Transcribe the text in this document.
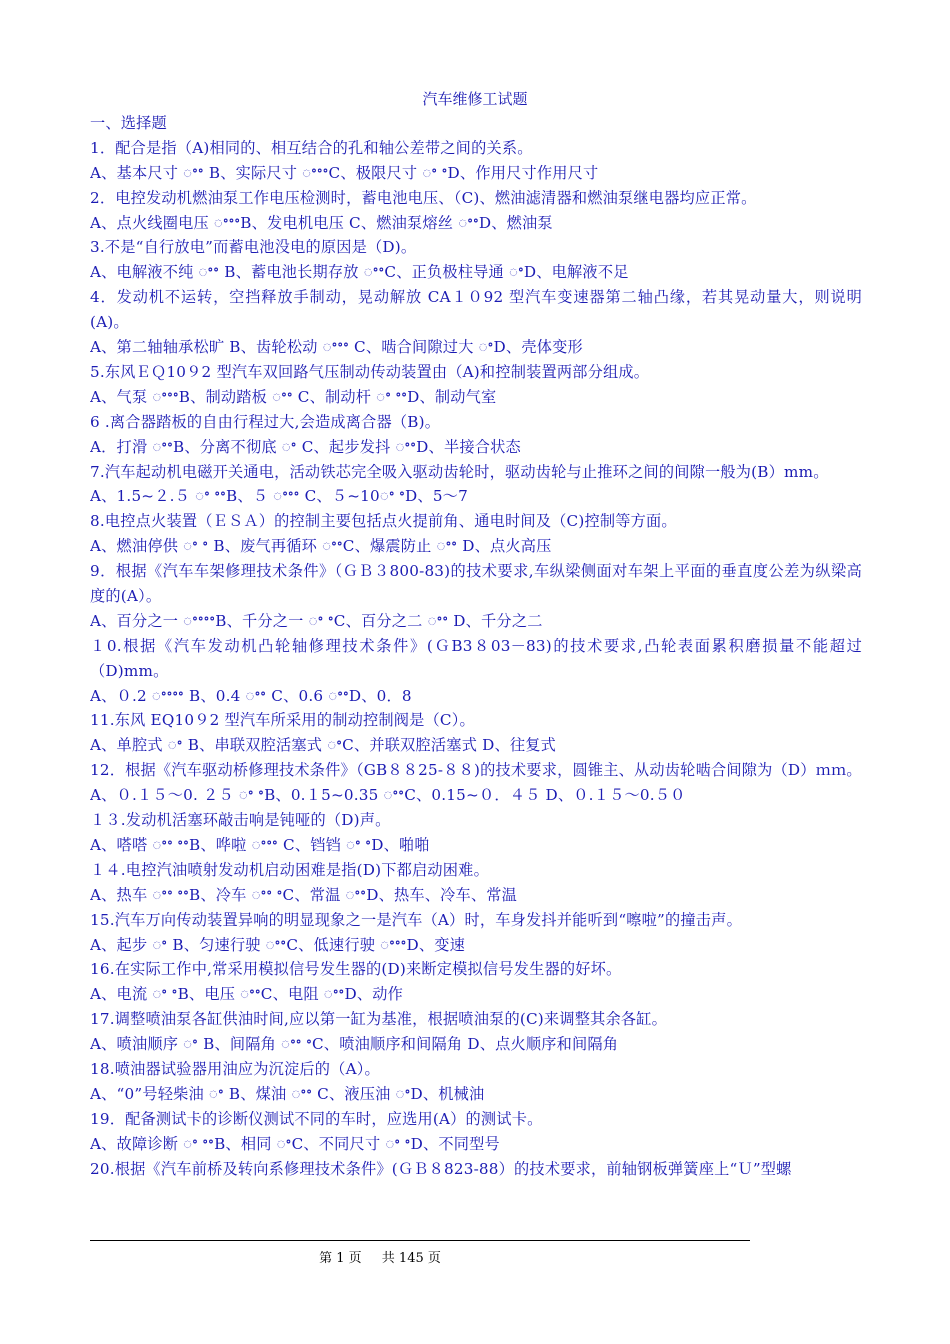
汽车维修工试题
一、选择题
1．配合是指（A)相同的、相互结合的孔和轴公差带之间的关系。
A、基本尺寸 ꢀꢀ B、实际尺寸 ꢀꢀꢀC、极限尺寸 ꢀ ꢀD、作用尺寸作用尺寸
2．电控发动机燃油泵工作电压检测时，蓄电池电压、（C)、燃油滤清器和燃油泵继电器均应正常。
A、点火线圈电压 ꢀꢀꢀB、发电机电压 C、燃油泵熔丝 ꢀꢀD、燃油泵
3.不是“自行放电”而蓄电池没电的原因是（D)。
A、电解液不纯 ꢀꢀ B、蓄电池长期存放 ꢀꢀC、正负极柱导通 ꢀD、电解液不足
4．发动机不运转，空挡释放手制动，晃动解放 CA１０92 型汽车变速器第二轴凸缘，若其晃动量大，则说明(A)。
A、第二轴轴承松旷 B、齿轮松动 ꢀꢀꢀ C、啮合间隙过大 ꢀD、壳体变形
5.东风ＥＱ10９2 型汽车双回路气压制动传动装置由（A)和控制装置两部分组成。
A、气泵 ꢀꢀꢀB、制动踏板 ꢀꢀ C、制动杆 ꢀ ꢀꢀD、制动气室
6 .离合器踏板的自由行程过大,会造成离合器（B)。
A．打滑 ꢀꢀB、分离不彻底 ꢀ C、起步发抖 ꢀꢀD、半接合状态
7.汽车起动机电磁开关通电，活动铁芯完全吸入驱动齿轮时，驱动齿轮与止推环之间的间隙一般为(B）mm。
A、1.5~２.５ ꢀ ꢀꢀB、５ ꢀꢀꢀ C、５~10ꢀ ꢀD、5～7
8.电控点火装置（ＥＳＡ）的控制主要包括点火提前角、通电时间及（C)控制等方面。
A、燃油停供 ꢀ ꢀ B、废气再循环 ꢀꢀC、爆震防止 ꢀꢀ D、点火高压
9．根据《汽车车架修理技术条件》（ＧＢ３800-83)的技术要求,车纵梁侧面对车架上平面的垂直度公差为纵梁高度的(A）。
A、百分之一 ꢀꢀꢀꢀB、千分之一 ꢀ ꢀC、百分之二 ꢀꢀ D、千分之二
１0.根据《汽车发动机凸轮轴修理技术条件》(ＧB3８03－83)的技术要求,凸轮表面累积磨损量不能超过（D)mm。
A、０.2 ꢀꢀꢀꢀ B、0.4 ꢀꢀ C、0.6 ꢀꢀD、0．8
11.东风 EQ10９2 型汽车所采用的制动控制阀是（C）。
A、单腔式 ꢀ B、串联双腔活塞式 ꢀC、并联双腔活塞式 D、往复式
12．根据《汽车驱动桥修理技术条件》（GB８８25-８８)的技术要求，圆锥主、从动齿轮啮合间隙为（D）ｍｍ。
A、０.１５～0. ２５ ꢀ ꢀB、0.１5~0.35 ꢀꢀC、0.15~０．４５ D、０.１５～0.５０
１３.发动机活塞环敲击响是钝哑的（D)声。
A、嗒嗒 ꢀꢀ ꢀꢀB、哗啦 ꢀꢀꢀ C、铛铛 ꢀ ꢀD、啪啪
１４.电控汽油喷射发动机启动困难是指(D)下都启动困难。
A、热车 ꢀꢀ ꢀꢀB、冷车 ꢀꢀ ꢀC、常温 ꢀꢀD、热车、冷车、常温
15.汽车万向传动装置异响的明显现象之一是汽车（A）时，车身发抖并能听到“嚓啦”的撞击声。
A、起步 ꢀ B、匀速行驶 ꢀꢀC、低速行驶 ꢀꢀꢀD、变速
16.在实际工作中,常采用模拟信号发生器的(D)来断定模拟信号发生器的好坏。
A、电流 ꢀ ꢀB、电压 ꢀꢀC、电阻 ꢀꢀD、动作
17.调整喷油泵各缸供油时间,应以第一缸为基准，根据喷油泵的(C)来调整其余各缸。
A、喷油顺序 ꢀ B、间隔角 ꢀꢀ ꢀC、喷油顺序和间隔角 D、点火顺序和间隔角
18.喷油器试验器用油应为沉淀后的（A）。
A、“0”号轻柴油 ꢀ B、煤油 ꢀꢀ C、液压油 ꢀD、机械油
19．配备测试卡的诊断仪测试不同的车时，应选用(A）的测试卡。
A、故障诊断 ꢀ ꢀꢀB、相同 ꢀC、不同尺寸 ꢀ ꢀD、不同型号
20.根据《汽车前桥及转向系修理技术条件》(ＧＢ８823-88）的技术要求，前轴钢板弹簧座上“Ｕ”型螺
第 1 页 共 145 页
